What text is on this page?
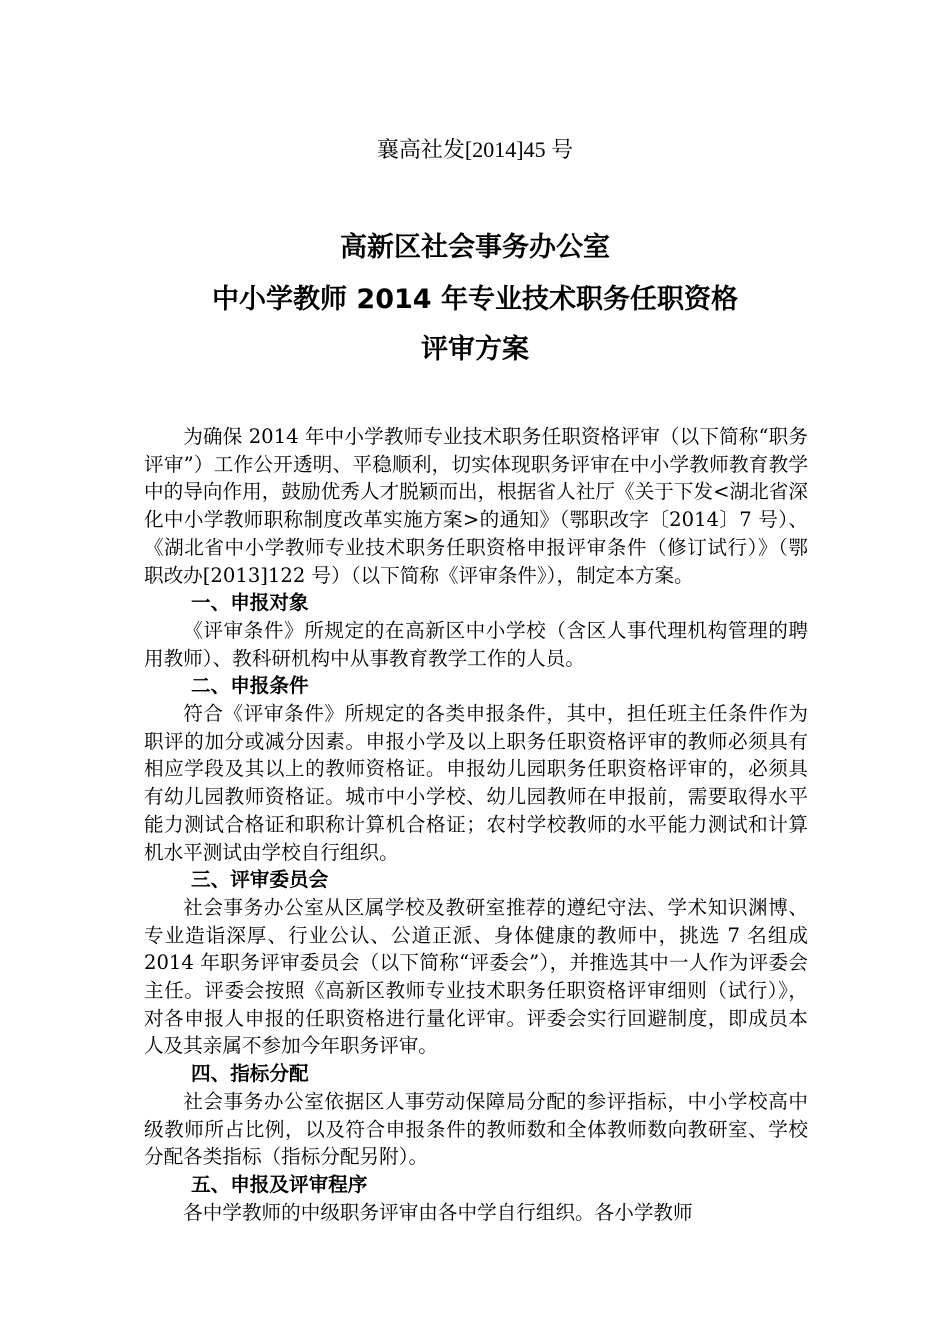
襄高社发[2014]45 号
高新区社会事务办公室
中小学教师 2014 年专业技术职务任职资格
评审方案

为确保 2014 年中小学教师专业技术职务任职资格评审（以下简称“职务评审”）工作公开透明、平稳顺利，切实体现职务评审在中小学教师教育教学中的导向作用，鼓励优秀人才脱颖而出，根据省人社厅《关于下发<湖北省深化中小学教师职称制度改革实施方案>的通知》（鄂职改字〔2014〕7 号）、《湖北省中小学教师专业技术职务任职资格申报评审条件（修订试行）》（鄂职改办[2013]122 号）（以下简称《评审条件》），制定本方案。

一、申报对象

《评审条件》所规定的在高新区中小学校（含区人事代理机构管理的聘用教师）、教科研机构中从事教育教学工作的人员。

二、申报条件

符合《评审条件》所规定的各类申报条件，其中，担任班主任条件作为职评的加分或减分因素。申报小学及以上职务任职资格评审的教师必须具有相应学段及其以上的教师资格证。申报幼儿园职务任职资格评审的，必须具有幼儿园教师资格证。城市中小学校、幼儿园教师在申报前，需要取得水平能力测试合格证和职称计算机合格证；农村学校教师的水平能力测试和计算机水平测试由学校自行组织。

三、评审委员会

社会事务办公室从区属学校及教研室推荐的遵纪守法、学术知识渊博、专业造诣深厚、行业公认、公道正派、身体健康的教师中，挑选 7 名组成 2014 年职务评审委员会（以下简称“评委会”），并推选其中一人作为评委会主任。评委会按照《高新区教师专业技术职务任职资格评审细则（试行）》，对各申报人申报的任职资格进行量化评审。评委会实行回避制度，即成员本人及其亲属不参加今年职务评审。

四、指标分配

社会事务办公室依据区人事劳动保障局分配的参评指标，中小学校高中级教师所占比例，以及符合申报条件的教师数和全体教师数向教研室、学校分配各类指标（指标分配另附）。

五、申报及评审程序

各中学教师的中级职务评审由各中学自行组织。各小学教师
